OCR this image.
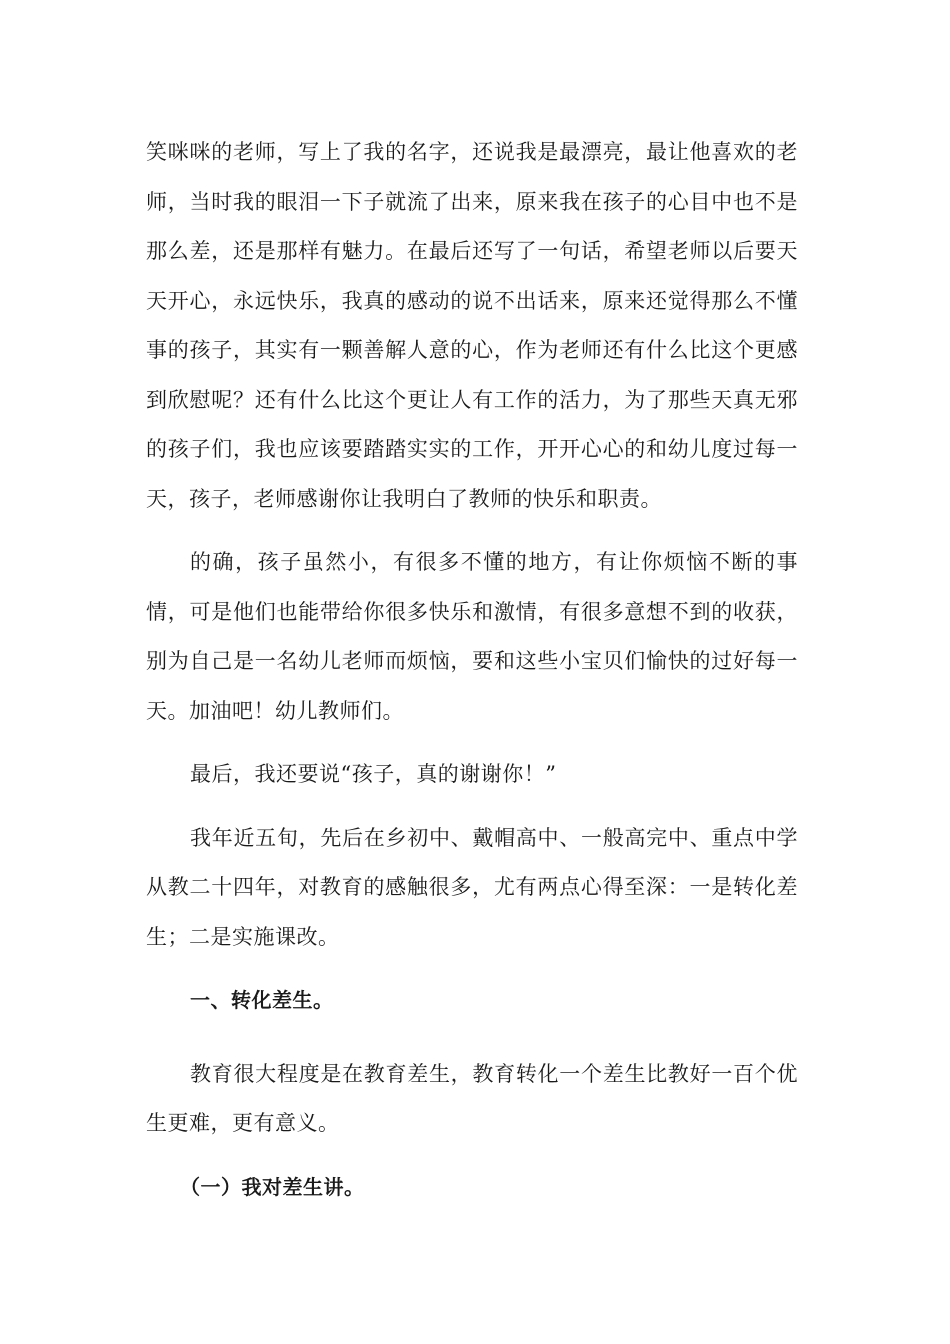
笑咪咪的老师，写上了我的名字，还说我是最漂亮，最让他喜欢的老师，当时我的眼泪一下子就流了出来，原来我在孩子的心目中也不是那么差，还是那样有魅力。在最后还写了一句话，希望老师以后要天天开心，永远快乐，我真的感动的说不出话来，原来还觉得那么不懂事的孩子，其实有一颗善解人意的心，作为老师还有什么比这个更感到欣慰呢？还有什么比这个更让人有工作的活力，为了那些天真无邪的孩子们，我也应该要踏踏实实的工作，开开心心的和幼儿度过每一天，孩子，老师感谢你让我明白了教师的快乐和职责。

的确，孩子虽然小，有很多不懂的地方，有让你烦恼不断的事情，可是他们也能带给你很多快乐和激情，有很多意想不到的收获，别为自己是一名幼儿老师而烦恼，要和这些小宝贝们愉快的过好每一天。加油吧！幼儿教师们。

最后，我还要说“孩子，真的谢谢你！”

我年近五旬，先后在乡初中、戴帽高中、一般高完中、重点中学从教二十四年，对教育的感触很多，尤有两点心得至深：一是转化差生；二是实施课改。

一、转化差生。

教育很大程度是在教育差生，教育转化一个差生比教好一百个优生更难，更有意义。

（一）我对差生讲。
